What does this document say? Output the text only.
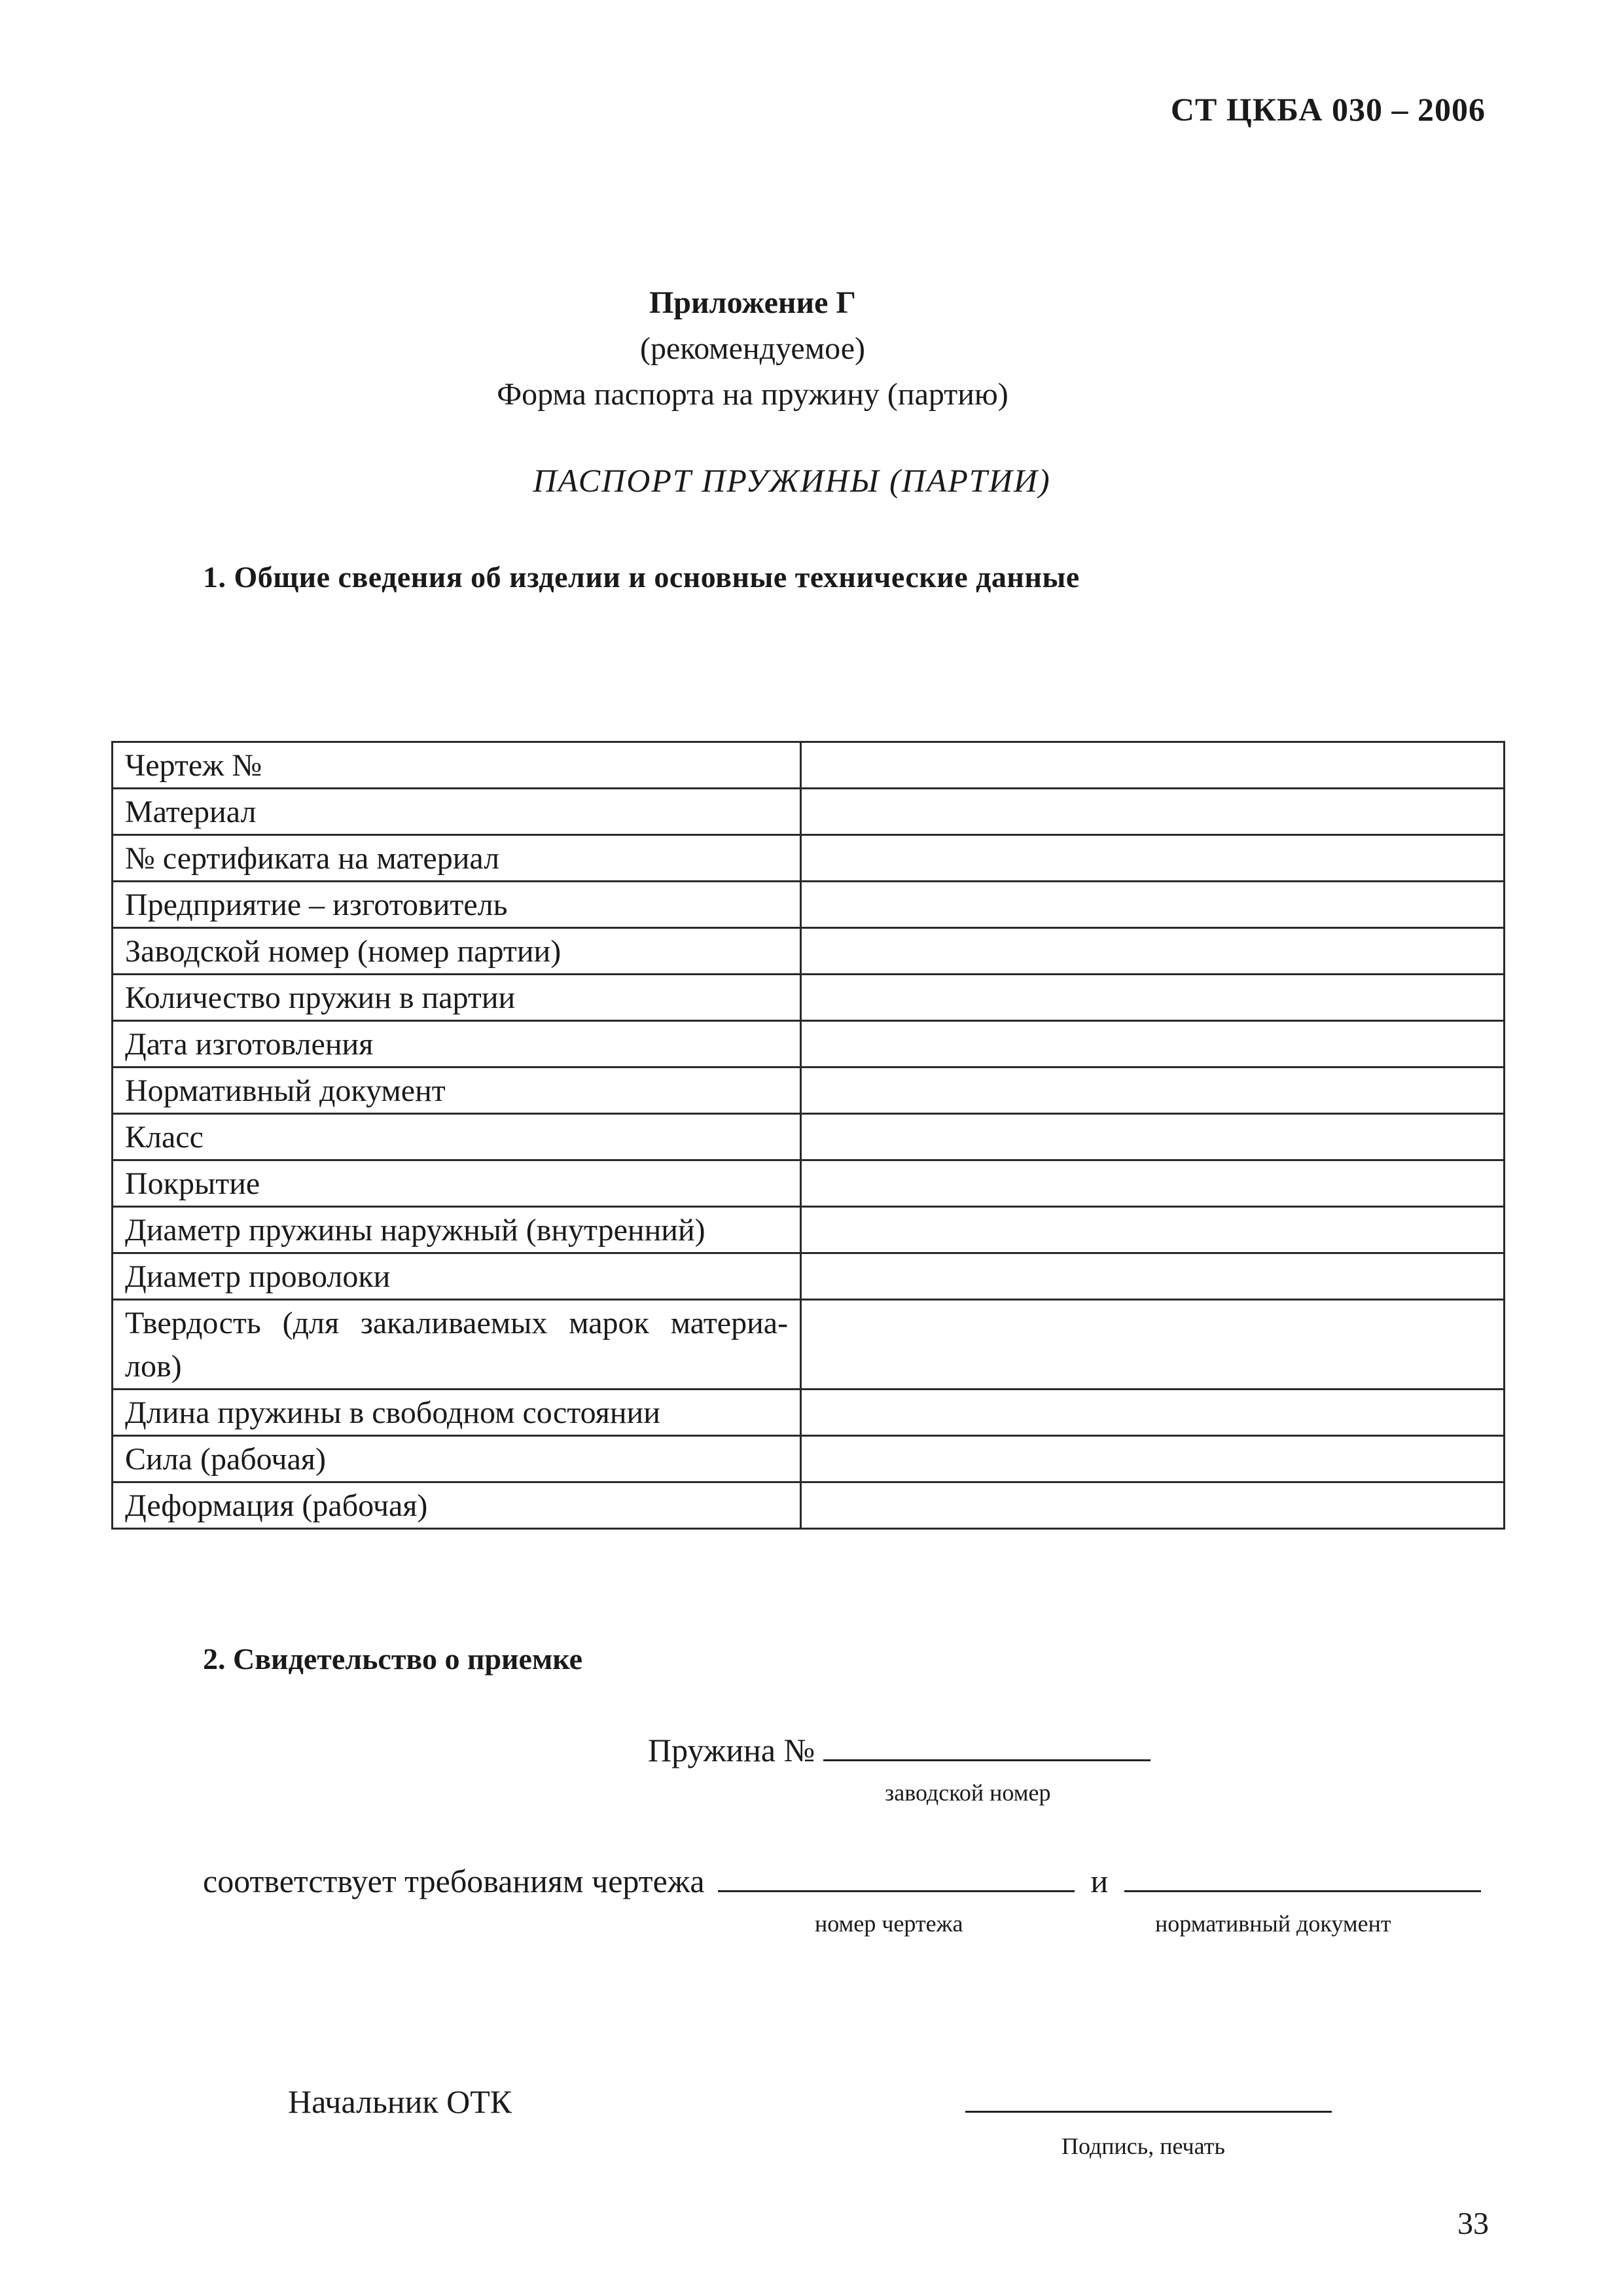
СТ ЦКБА 030 – 2006
Приложение Г
(рекомендуемое)
Форма паспорта на пружину (партию)
ПАСПОРТ ПРУЖИНЫ (ПАРТИИ)
1. Общие сведения об изделии и основные технические данные
Чертеж №	
Материал	
№ сертификата на материал	
Предприятие – изготовитель	
Заводской номер (номер партии)	
Количество пружин в партии	
Дата изготовления	
Нормативный документ	
Класс	
Покрытие	
Диаметр пружины наружный (внутренний)	
Диаметр проволоки	
Твердость (для закаливаемых марок материа-лов)	
Длина пружины в свободном состоянии	
Сила (рабочая)	
Деформация (рабочая)	
2. Свидетельство о приемке
Пружина №
заводской номер
соответствует требованиям чертежа	и
номер чертежа	нормативный документ
Начальник ОТК
Подпись, печать
33
